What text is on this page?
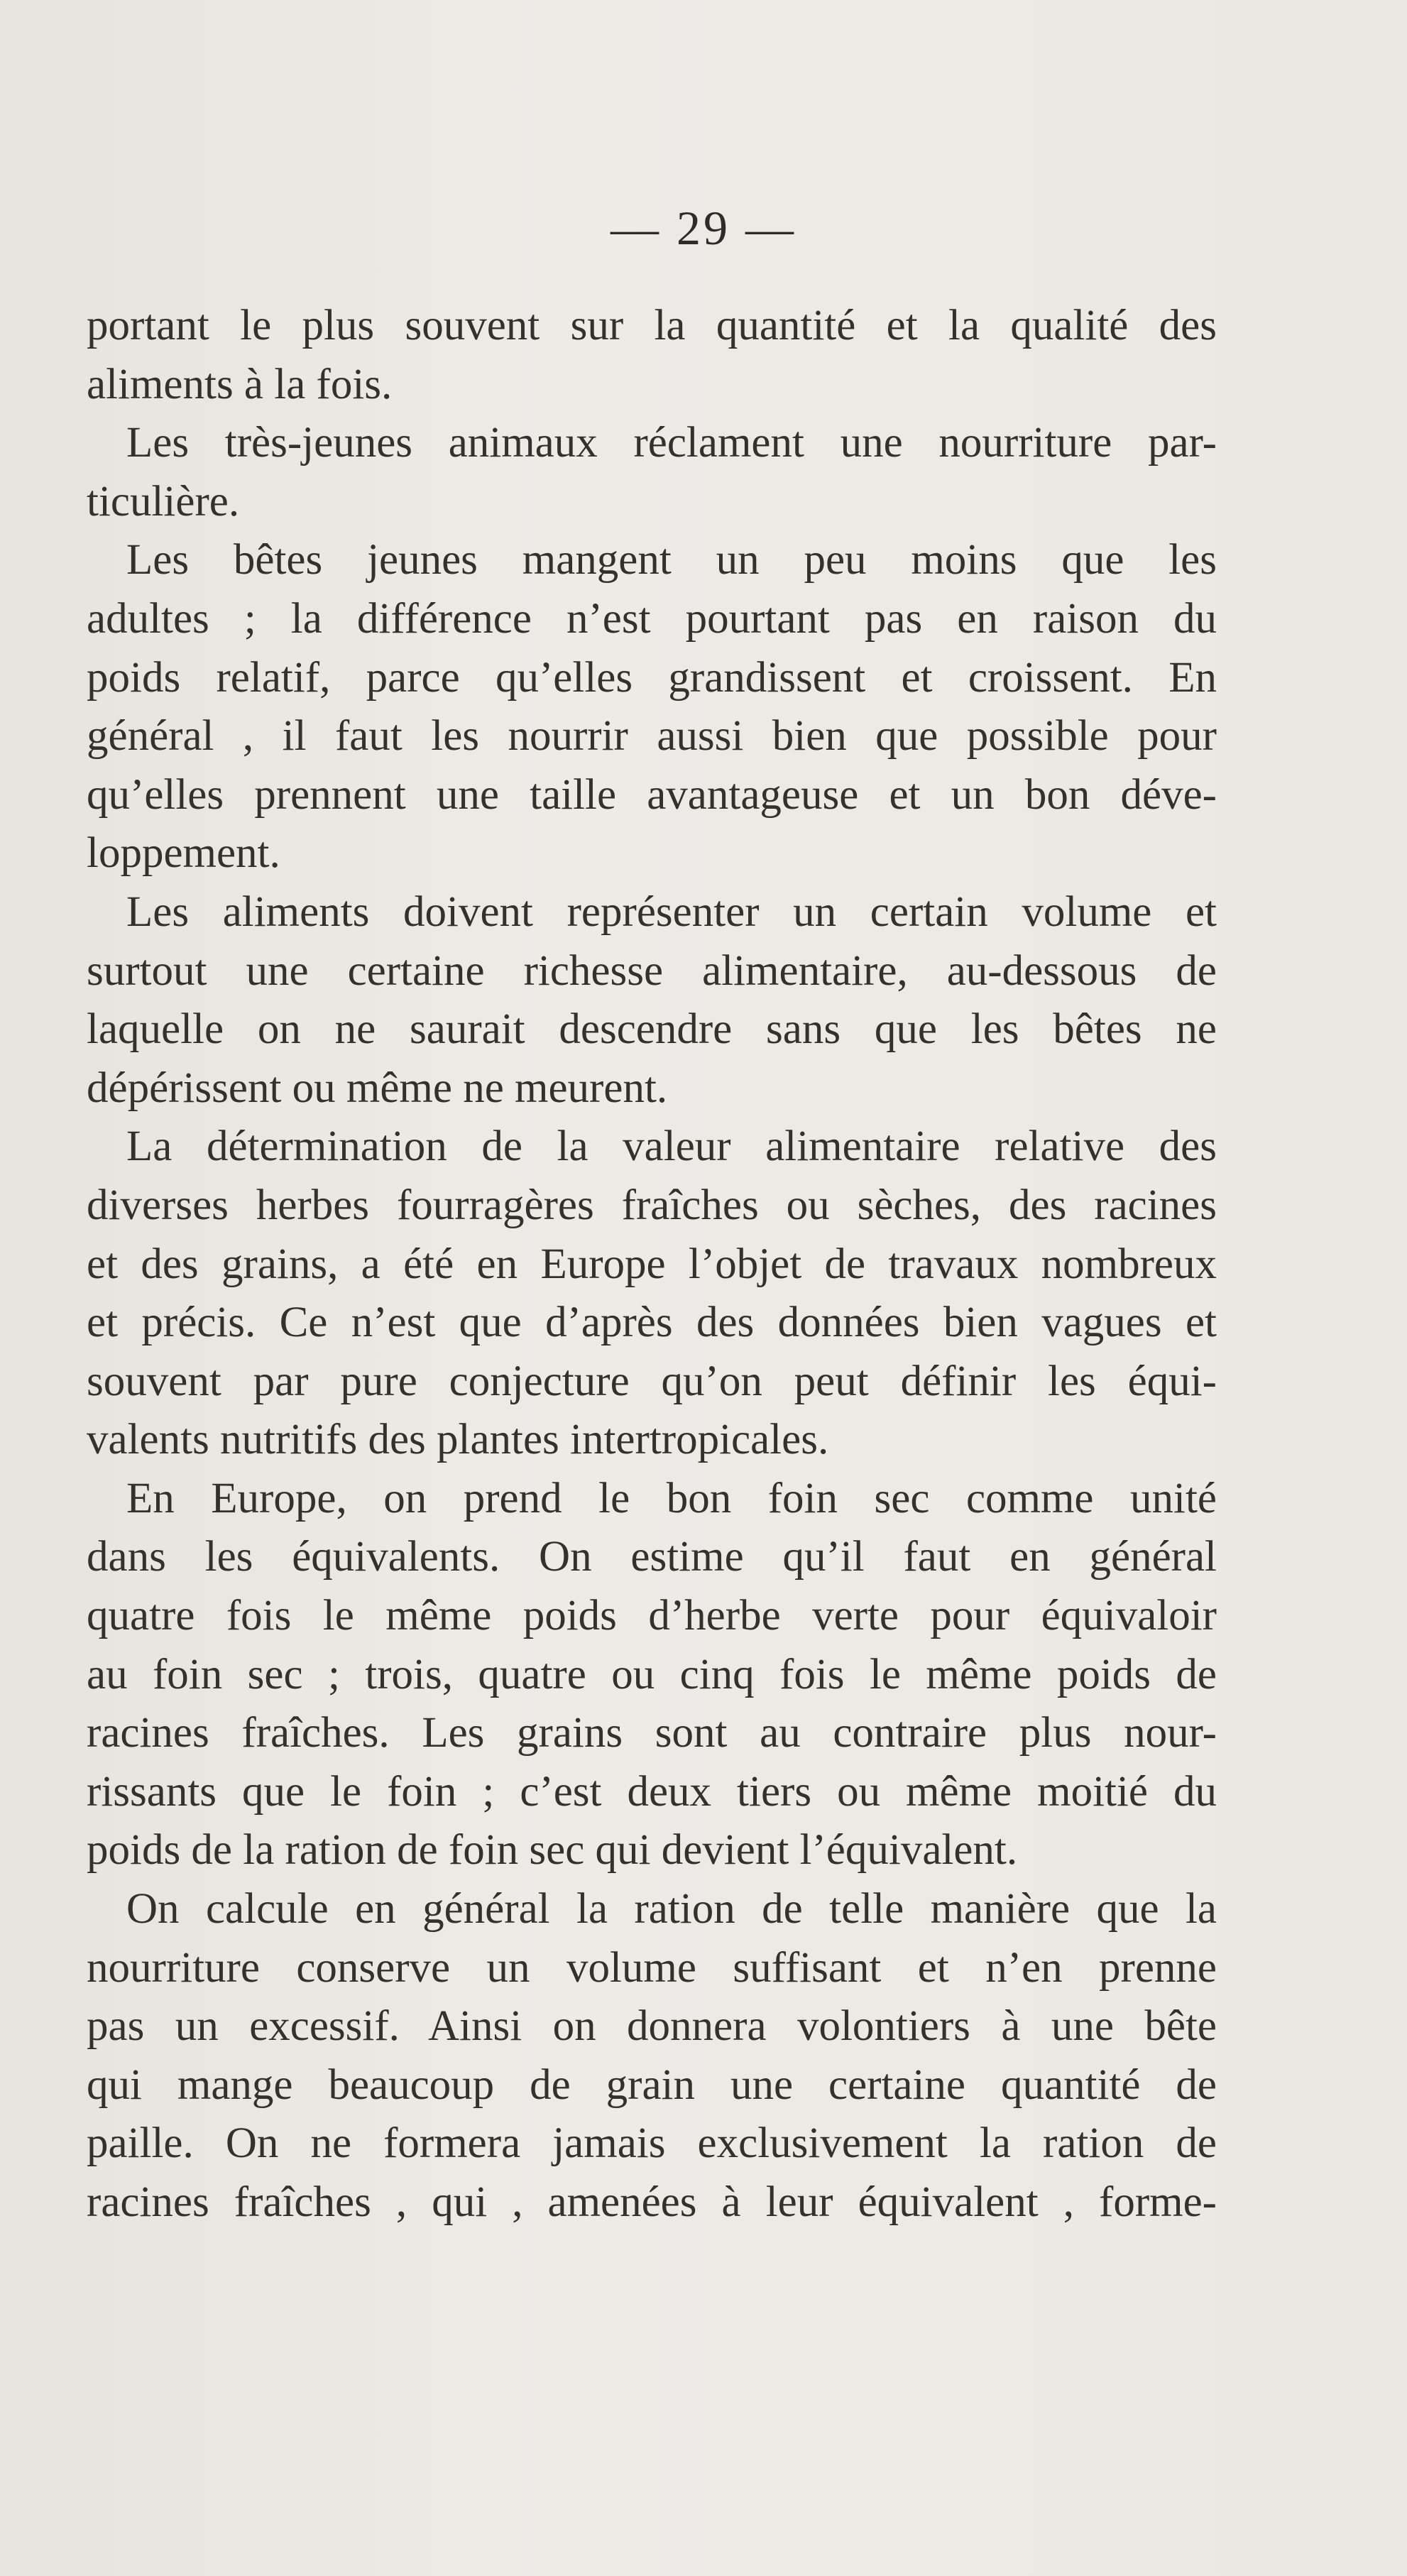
— 29 —
portant le plus souvent sur la quantité et la qualité des
aliments à la fois.
Les très-jeunes animaux réclament une nourriture par-
ticulière.
Les bêtes jeunes mangent un peu moins que les
adultes ; la différence n’est pourtant pas en raison du
poids relatif, parce qu’elles grandissent et croissent. En
général , il faut les nourrir aussi bien que possible pour
qu’elles prennent une taille avantageuse et un bon déve-
loppement.
Les aliments doivent représenter un certain volume et
surtout une certaine richesse alimentaire, au-dessous de
laquelle on ne saurait descendre sans que les bêtes ne
dépérissent ou même ne meurent.
La détermination de la valeur alimentaire relative des
diverses herbes fourragères fraîches ou sèches, des racines
et des grains, a été en Europe l’objet de travaux nombreux
et précis. Ce n’est que d’après des données bien vagues et
souvent par pure conjecture qu’on peut définir les équi-
valents nutritifs des plantes intertropicales.
En Europe, on prend le bon foin sec comme unité
dans les équivalents. On estime qu’il faut en général
quatre fois le même poids d’herbe verte pour équivaloir
au foin sec ; trois, quatre ou cinq fois le même poids de
racines fraîches. Les grains sont au contraire plus nour-
rissants que le foin ; c’est deux tiers ou même moitié du
poids de la ration de foin sec qui devient l’équivalent.
On calcule en général la ration de telle manière que la
nourriture conserve un volume suffisant et n’en prenne
pas un excessif. Ainsi on donnera volontiers à une bête
qui mange beaucoup de grain une certaine quantité de
paille. On ne formera jamais exclusivement la ration de
racines fraîches , qui , amenées à leur équivalent , forme-
